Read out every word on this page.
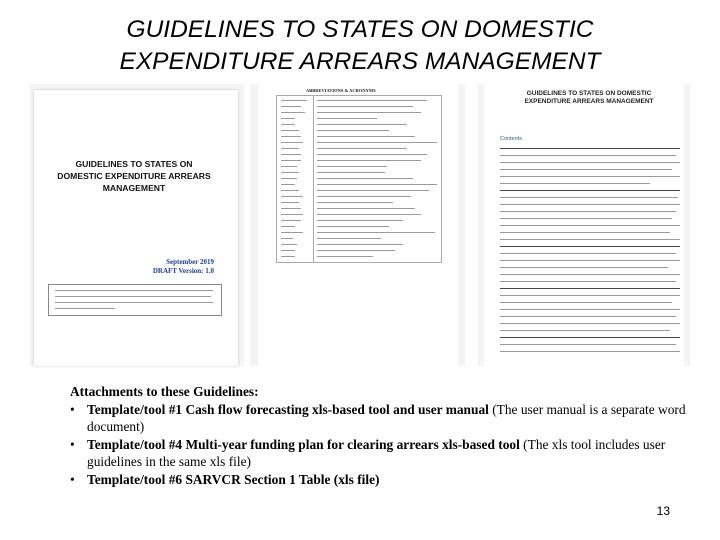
GUIDELINES TO STATES ON DOMESTIC
EXPENDITURE ARREARS MANAGEMENT
GUIDELINES TO STATES ON DOMESTIC EXPENDITURE ARREARS MANAGEMENT
September 2019
DRAFT Version: 1.0
ABBREVIATIONS & ACRONYMS	GUIDELINES TO STATES ON DOMESTIC EXPENDITURE ARREARS MANAGEMENT
Contents
Attachments to these Guidelines:
• Template/tool #1 Cash flow forecasting xls-based tool and user manual (The user manual is a separate word document)
• Template/tool #4 Multi-year funding plan for clearing arrears xls-based tool (The xls tool includes user guidelines in the same xls file)
• Template/tool #6 SARVCR Section 1 Table (xls file)
13
